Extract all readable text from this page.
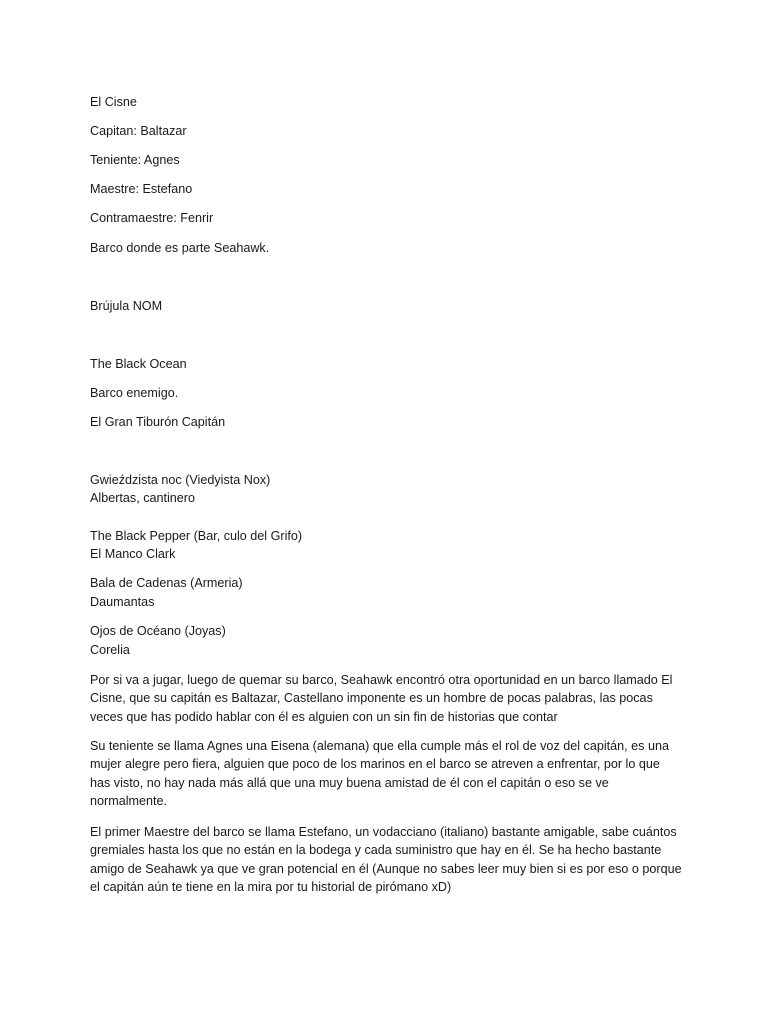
El Cisne

Capitan: Baltazar

Teniente: Agnes

Maestre: Estefano

Contramaestre: Fenrir

Barco donde es parte Seahawk.

Brújula NOM

The Black Ocean

Barco enemigo.

El Gran Tiburón Capitán

Gwieździsta noc (Viedyista Nox)

Albertas, cantinero

The Black Pepper (Bar, culo del Grifo)

El Manco Clark

Bala de Cadenas (Armeria)

Daumantas

Ojos de Océano (Joyas)

Corelia

Por si va a jugar, luego de quemar su barco, Seahawk encontró otra oportunidad en un barco llamado El
Cisne, que su capitán es Baltazar, Castellano imponente es un hombre de pocas palabras, las pocas
veces que has podido hablar con él es alguien con un sin fin de historias que contar
Su teniente se llama Agnes una Eisena (alemana) que ella cumple más el rol de voz del capitán, es una
mujer alegre pero fiera, alguien que poco de los marinos en el barco se atreven a enfrentar, por lo que
has visto, no hay nada más allá que una muy buena amistad de él con el capitán o eso se ve
normalmente.
El primer Maestre del barco se llama Estefano, un vodacciano (italiano) bastante amigable, sabe cuántos
gremiales hasta los que no están en la bodega y cada suministro que hay en él. Se ha hecho bastante
amigo de Seahawk ya que ve gran potencial en él (Aunque no sabes leer muy bien si es por eso o porque
el capitán aún te tiene en la mira por tu historial de pirómano xD)
